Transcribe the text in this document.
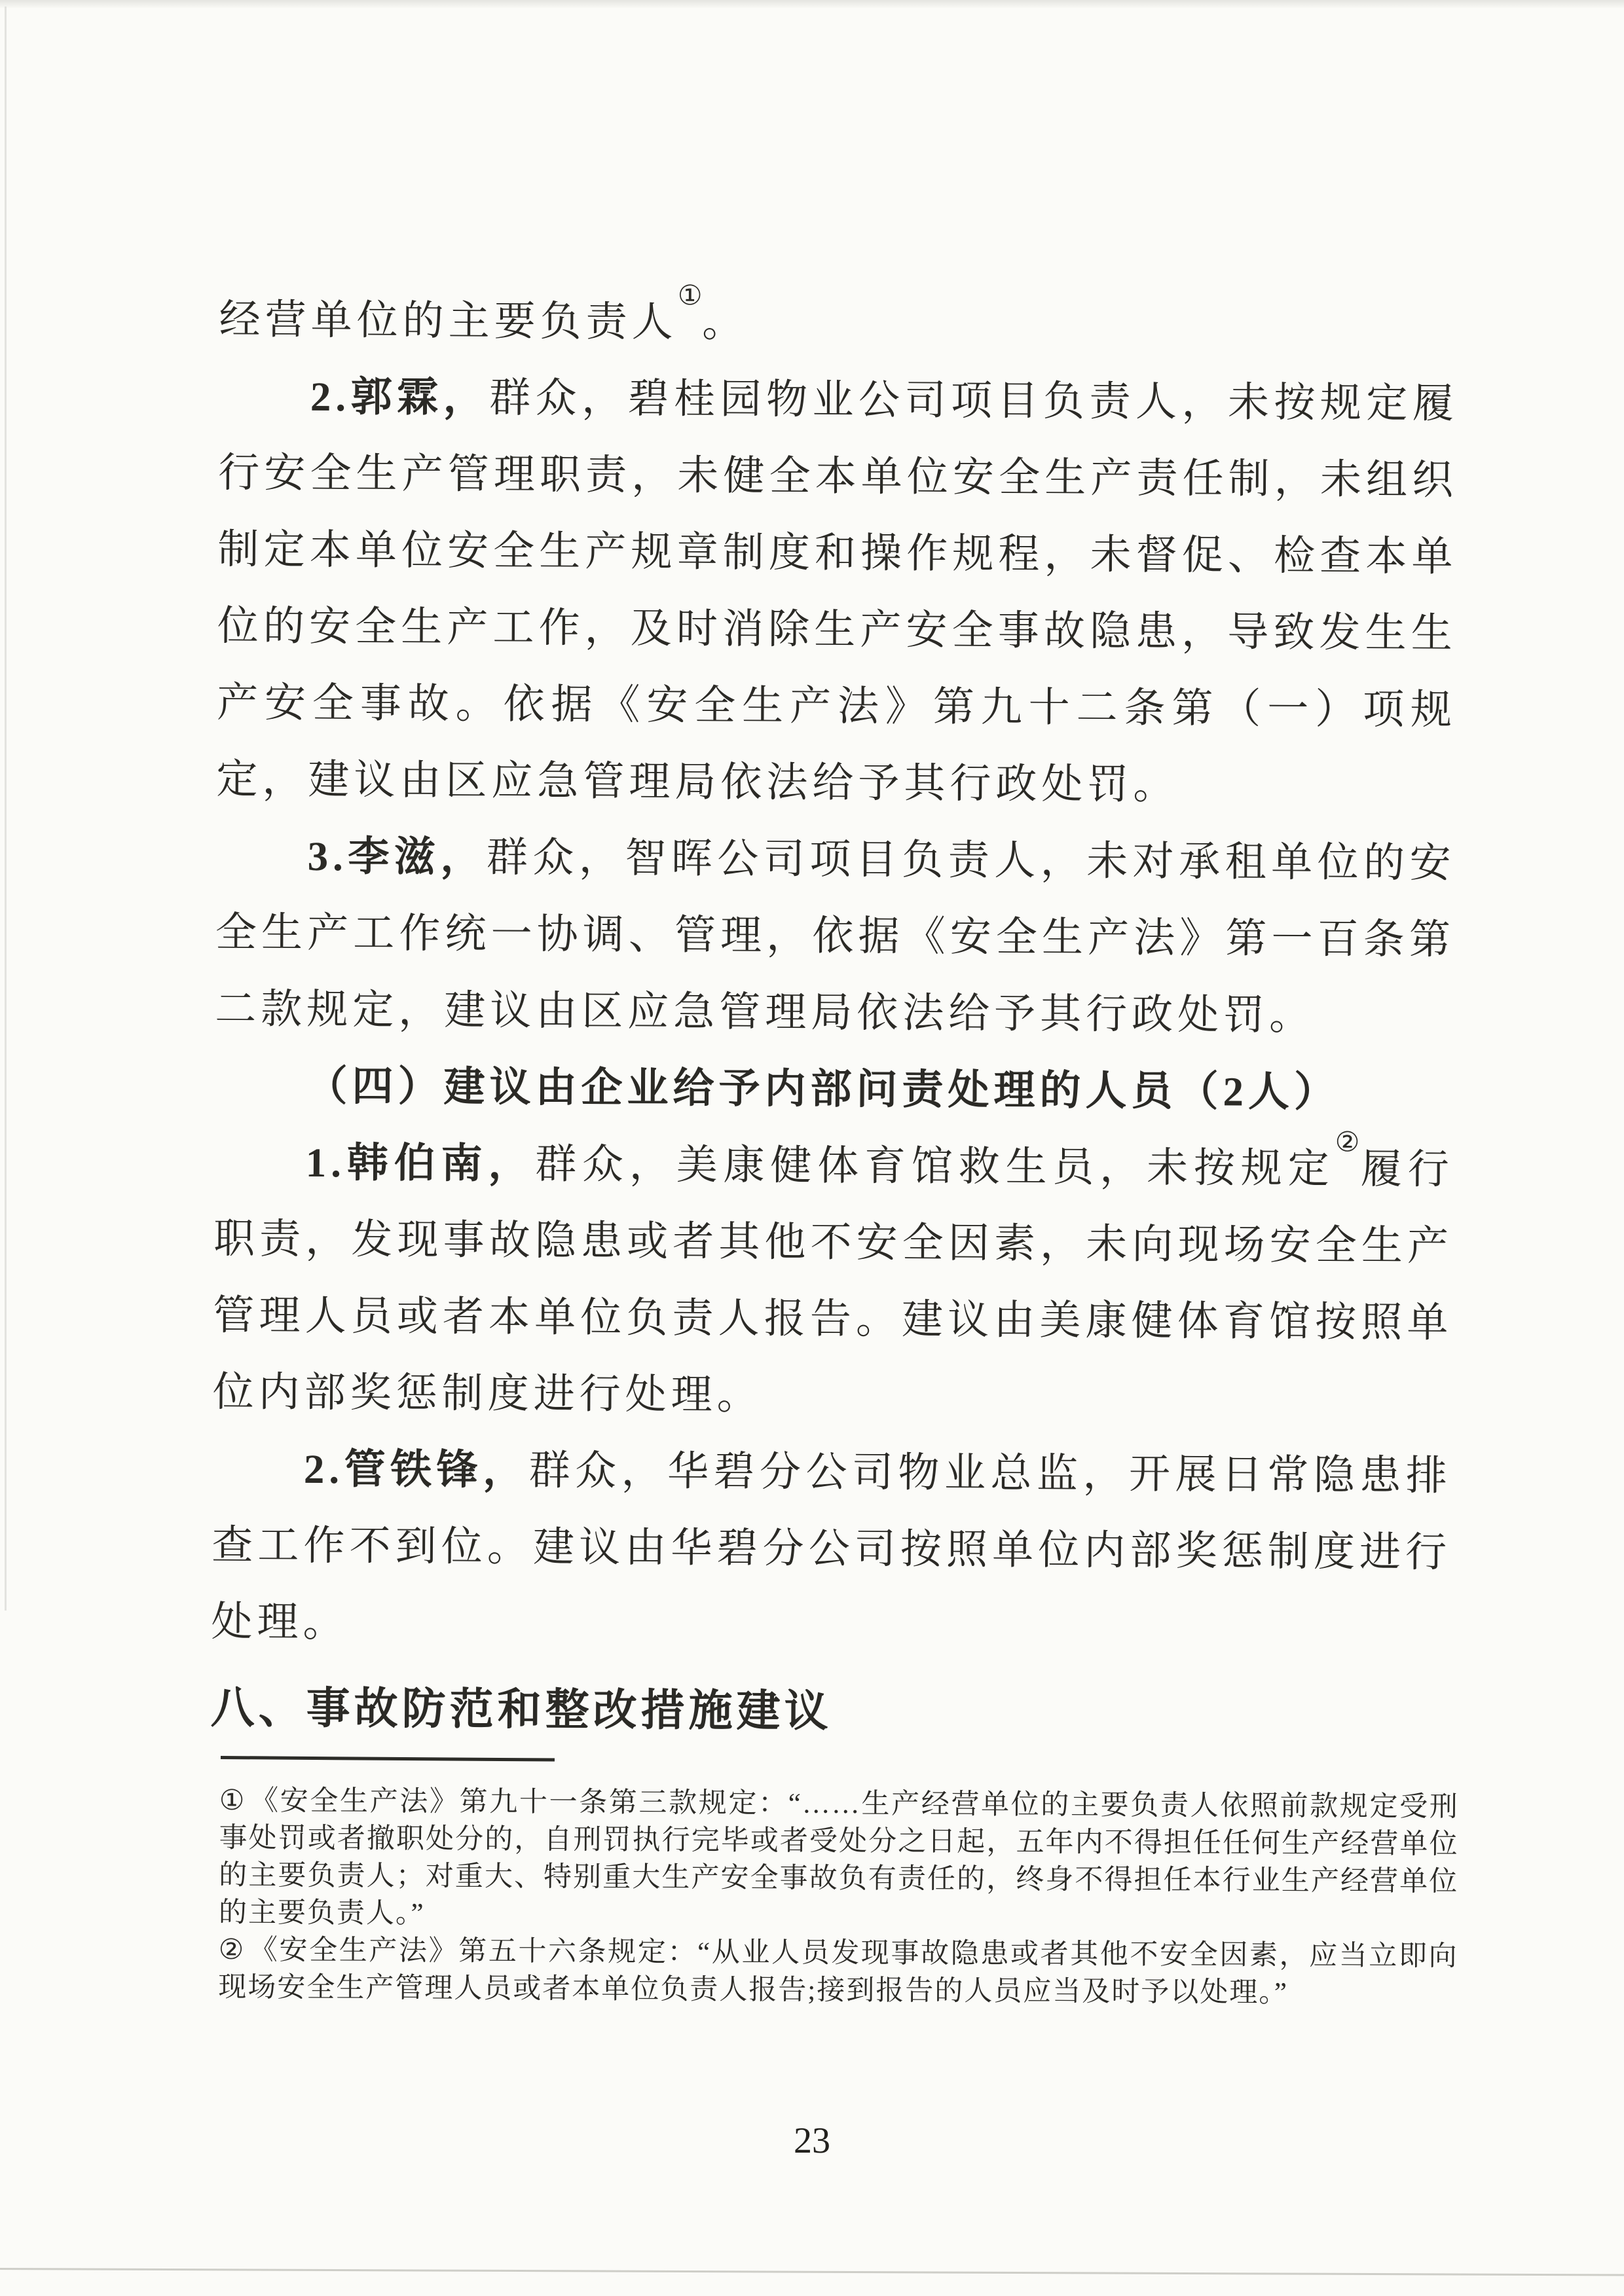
经营单位的主要负责人①。

2.郭霖，群众，碧桂园物业公司项目负责人，未按规定履行安全生产管理职责，未健全本单位安全生产责任制，未组织制定本单位安全生产规章制度和操作规程，未督促、检查本单位的安全生产工作，及时消除生产安全事故隐患，导致发生生产安全事故。依据《安全生产法》第九十二条第（一）项规定，建议由区应急管理局依法给予其行政处罚。

3.李滋，群众，智晖公司项目负责人，未对承租单位的安全生产工作统一协调、管理，依据《安全生产法》第一百条第二款规定，建议由区应急管理局依法给予其行政处罚。

（四）建议由企业给予内部问责处理的人员（2人）

1.韩伯南，群众，美康健体育馆救生员，未按规定②履行职责，发现事故隐患或者其他不安全因素，未向现场安全生产管理人员或者本单位负责人报告。建议由美康健体育馆按照单位内部奖惩制度进行处理。

2.管铁锋，群众，华碧分公司物业总监，开展日常隐患排查工作不到位。建议由华碧分公司按照单位内部奖惩制度进行处理。

八、事故防范和整改措施建议

① 《安全生产法》第九十一条第三款规定：“……生产经营单位的主要负责人依照前款规定受刑事处罚或者撤职处分的，自刑罚执行完毕或者受处分之日起，五年内不得担任任何生产经营单位的主要负责人；对重大、特别重大生产安全事故负有责任的，终身不得担任本行业生产经营单位的主要负责人。”

② 《安全生产法》第五十六条规定：“从业人员发现事故隐患或者其他不安全因素，应当立即向现场安全生产管理人员或者本单位负责人报告;接到报告的人员应当及时予以处理。”

23
